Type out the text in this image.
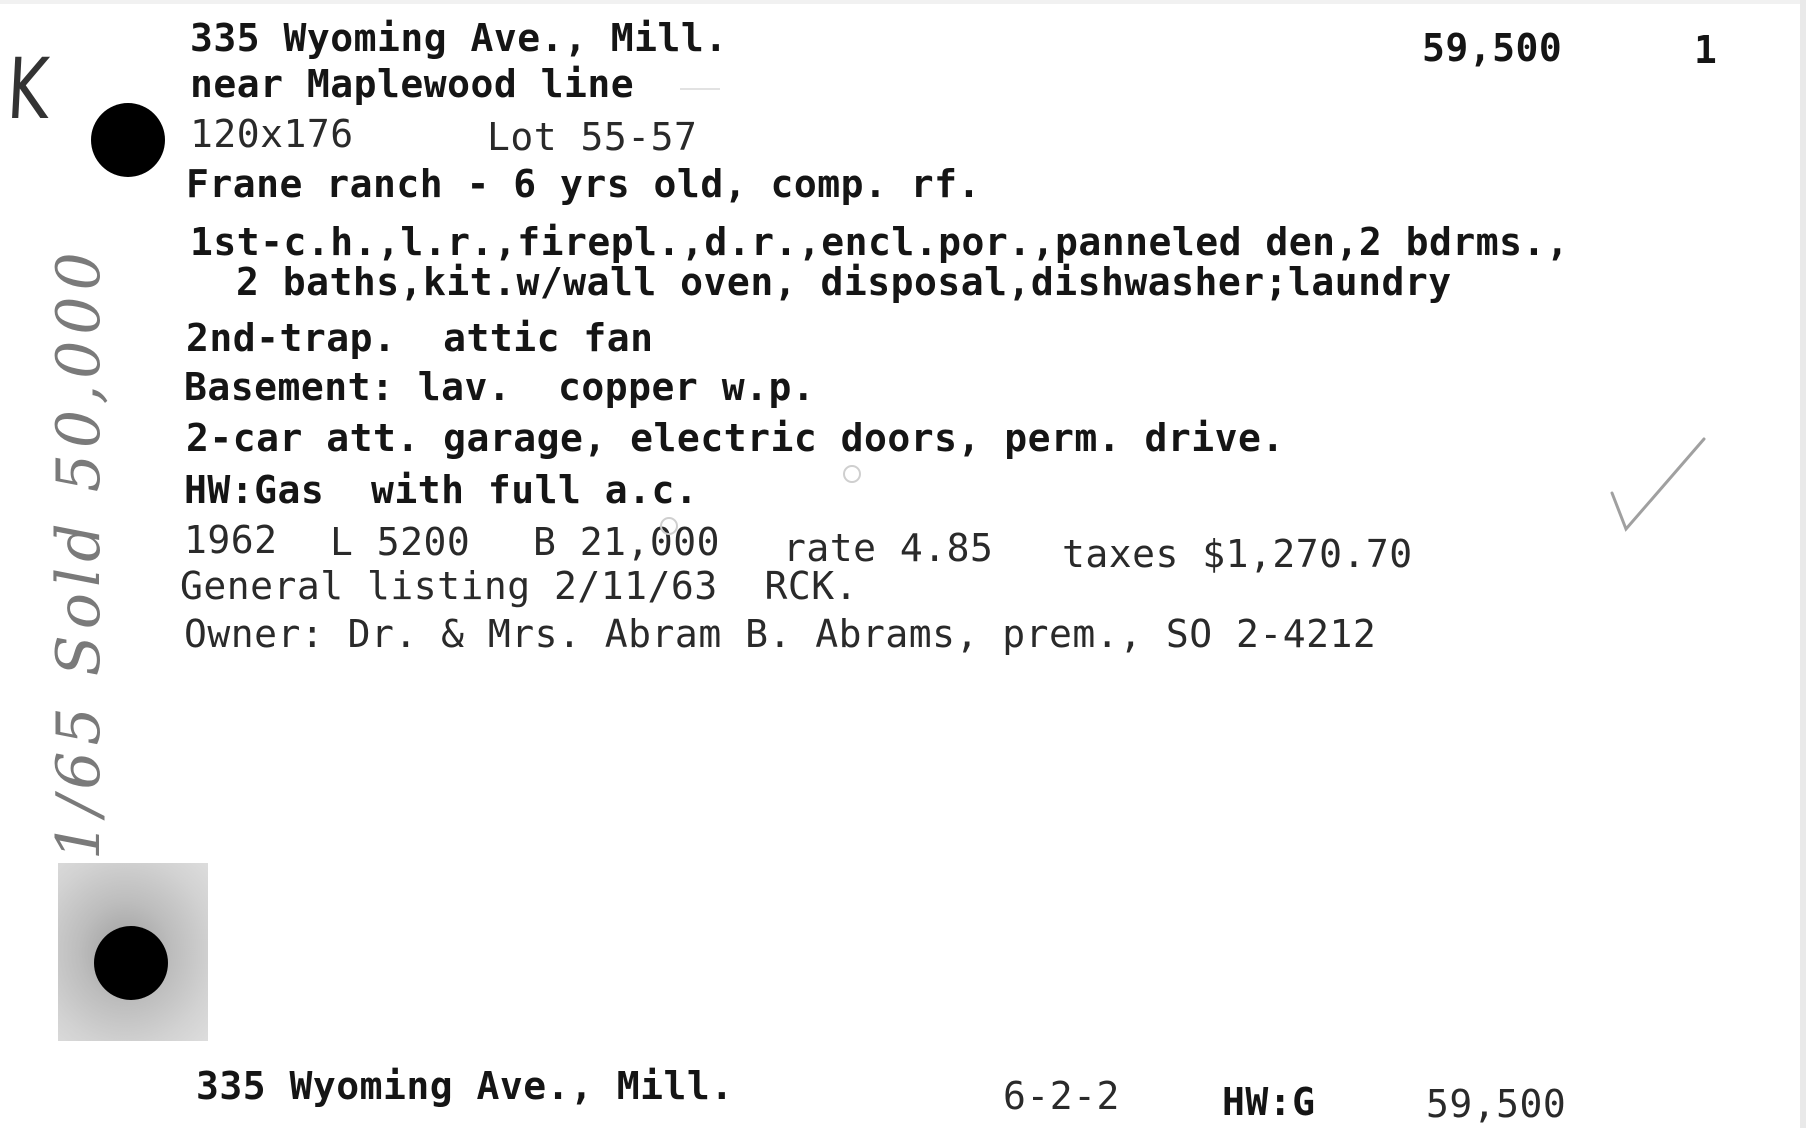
K
1/65 Sold 50,000
335 Wyoming Ave., Mill.	59,500	1
near Maplewood line
120x176	Lot 55-57
Frane ranch - 6 yrs old, comp. rf.
1st-c.h.,l.r.,firepl.,d.r.,encl.por.,panneled den,2 bdrms.,
2 baths,kit.w/wall oven, disposal,dishwasher;laundry
2nd-trap.  attic fan
Basement: lav.  copper w.p.
2-car att. garage, electric doors, perm. drive.
HW:Gas  with full a.c.
1962 L 5200 B 21,000 rate 4.85 taxes $1,270.70
General listing 2/11/63  RCK.
Owner: Dr. & Mrs. Abram B. Abrams, prem., SO 2-4212
335 Wyoming Ave., Mill.	6-2-2	HW:G	59,500
